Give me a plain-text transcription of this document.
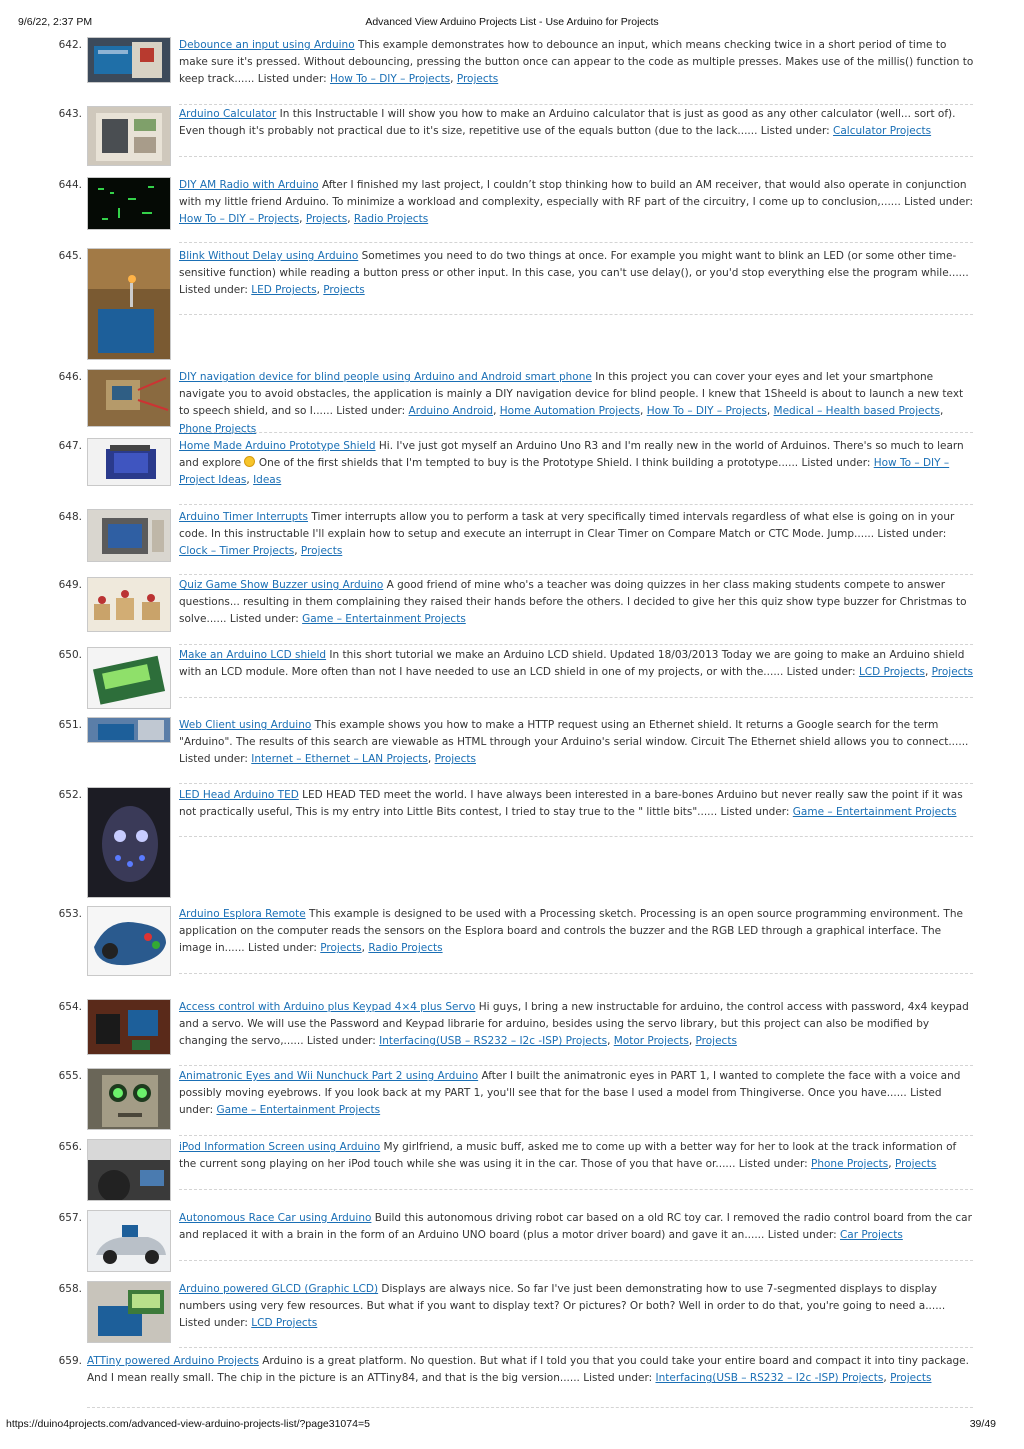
9/6/22, 2:37 PM	Advanced View Arduino Projects List - Use Arduino for Projects
642.	Debounce an input using Arduino This example demonstrates how to debounce an input, which means checking twice in a short period of time to make sure it's pressed. Without debouncing, pressing the button once can appear to the code as multiple presses. Makes use of the millis() function to keep track...... Listed under: How To – DIY – Projects, Projects
643.	Arduino Calculator In this Instructable I will show you how to make an Arduino calculator that is just as good as any other calculator (well... sort of). Even though it's probably not practical due to it's size, repetitive use of the equals button (due to the lack...... Listed under: Calculator Projects
644.	DIY AM Radio with Arduino After I finished my last project, I couldn’t stop thinking how to build an AM receiver, that would also operate in conjunction with my little friend Arduino. To minimize a workload and complexity, especially with RF part of the circuitry, I come up to conclusion,...... Listed under: How To – DIY – Projects, Projects, Radio Projects
645.	Blink Without Delay using Arduino Sometimes you need to do two things at once. For example you might want to blink an LED (or some other time-sensitive function) while reading a button press or other input. In this case, you can't use delay(), or you'd stop everything else the program while...... Listed under: LED Projects, Projects
646.	DIY navigation device for blind people using Arduino and Android smart phone In this project you can cover your eyes and let your smartphone navigate you to avoid obstacles, the application is mainly a DIY navigation device for blind people. I knew that 1Sheeld is about to launch a new text to speech shield, and so I...... Listed under: Arduino Android, Home Automation Projects, How To – DIY – Projects, Medical – Health based Projects, Phone Projects
647.	Home Made Arduino Prototype Shield Hi. I've just got myself an Arduino Uno R3 and I'm really new in the world of Arduinos. There's so much to learn and explore  One of the first shields that I'm tempted to buy is the Prototype Shield. I think building a prototype...... Listed under: How To – DIY – Project Ideas, Ideas
648.	Arduino Timer Interrupts Timer interrupts allow you to perform a task at very specifically timed intervals regardless of what else is going on in your code. In this instructable I'll explain how to setup and execute an interrupt in Clear Timer on Compare Match or CTC Mode. Jump...... Listed under: Clock – Timer Projects, Projects
649.	Quiz Game Show Buzzer using Arduino A good friend of mine who's a teacher was doing quizzes in her class making students compete to answer questions... resulting in them complaining they raised their hands before the others. I decided to give her this quiz show type buzzer for Christmas to solve...... Listed under: Game – Entertainment Projects
650.	Make an Arduino LCD shield In this short tutorial we make an Arduino LCD shield. Updated 18/03/2013 Today we are going to make an Arduino shield with an LCD module. More often than not I have needed to use an LCD shield in one of my projects, or with the...... Listed under: LCD Projects, Projects
651.	Web Client using Arduino This example shows you how to make a HTTP request using an Ethernet shield. It returns a Google search for the term "Arduino". The results of this search are viewable as HTML through your Arduino's serial window. Circuit The Ethernet shield allows you to connect...... Listed under: Internet – Ethernet – LAN Projects, Projects
652.	LED Head Arduino TED LED HEAD TED meet the world. I have always been interested in a bare-bones Arduino but never really saw the point if it was not practically useful, This is my entry into Little Bits contest, I tried to stay true to the " little bits"...... Listed under: Game – Entertainment Projects
653.	Arduino Esplora Remote This example is designed to be used with a Processing sketch. Processing is an open source programming environment. The application on the computer reads the sensors on the Esplora board and controls the buzzer and the RGB LED through a graphical interface. The image in...... Listed under: Projects, Radio Projects
654.	Access control with Arduino plus Keypad 4×4 plus Servo Hi guys, I bring a new instructable for arduino, the control access with password, 4x4 keypad and a servo. We will use the Password and Keypad librarie for arduino, besides using the servo library, but this project can also be modified by changing the servo,...... Listed under: Interfacing(USB – RS232 – I2c -ISP) Projects, Motor Projects, Projects
655.	Animatronic Eyes and Wii Nunchuck Part 2 using Arduino After I built the animatronic eyes in PART 1, I wanted to complete the face with a voice and possibly moving eyebrows. If you look back at my PART 1, you'll see that for the base I used a model from Thingiverse. Once you have...... Listed under: Game – Entertainment Projects
656.	iPod Information Screen using Arduino My girlfriend, a music buff, asked me to come up with a better way for her to look at the track information of the current song playing on her iPod touch while she was using it in the car. Those of you that have or...... Listed under: Phone Projects, Projects
657.	Autonomous Race Car using Arduino Build this autonomous driving robot car based on a old RC toy car. I removed the radio control board from the car and replaced it with a brain in the form of an Arduino UNO board (plus a motor driver board) and gave it an...... Listed under: Car Projects
658.	Arduino powered GLCD (Graphic LCD) Displays are always nice. So far I've just been demonstrating how to use 7-segmented displays to display numbers using very few resources. But what if you want to display text? Or pictures? Or both? Well in order to do that, you're going to need a...... Listed under: LCD Projects
659. ATTiny powered Arduino Projects Arduino is a great platform. No question. But what if I told you that you could take your entire board and compact it into tiny package. And I mean really small. The chip in the picture is an ATTiny84, and that is the big version...... Listed under: Interfacing(USB – RS232 – I2c -ISP) Projects, Projects
https://duino4projects.com/advanced-view-arduino-projects-list/?page31074=5	39/49
